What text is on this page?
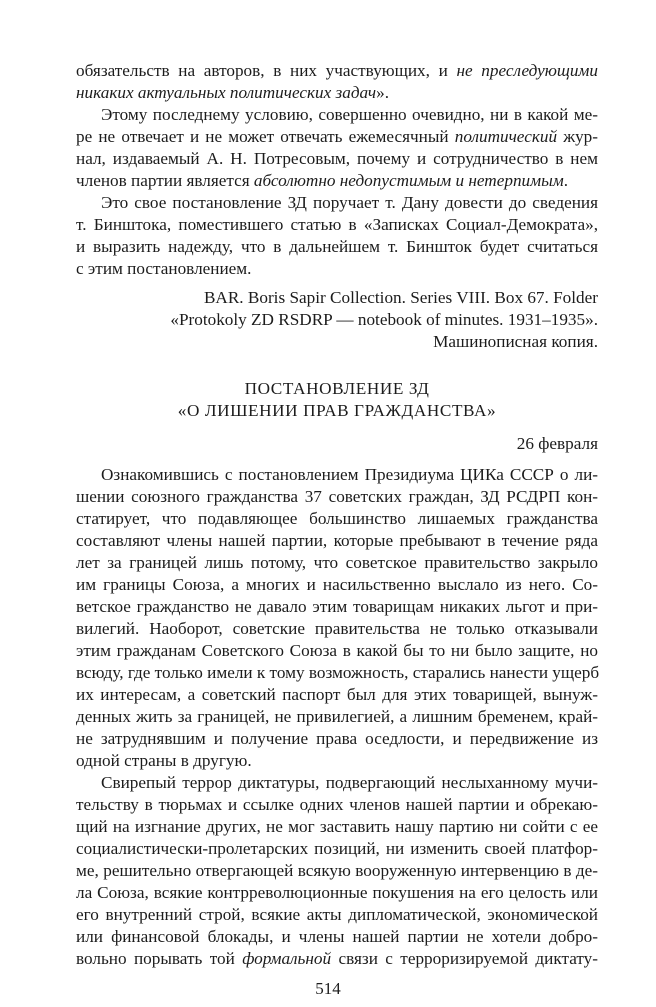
обязательств на авторов, в них участвующих, и не преследующими
никаких актуальных политических задач».
Этому последнему условию, совершенно очевидно, ни в какой ме-
ре не отвечает и не может отвечать ежемесячный политический жур-
нал, издаваемый А. Н. Потресовым, почему и сотрудничество в нем
членов партии является абсолютно недопустимым и нетерпимым.
Это свое постановление ЗД поручает т. Дану довести до сведения
т. Бинштока, поместившего статью в «Записках Социал-Демократа»,
и выразить надежду, что в дальнейшем т. Биншток будет считаться
с этим постановлением.
BAR. Boris Sapir Collection. Series VIII. Box 67. Folder
«Protokoly ZD RSDRP — notebook of minutes. 1931–1935».
Машинописная копия.
ПОСТАНОВЛЕНИЕ ЗД
«О ЛИШЕНИИ ПРАВ ГРАЖДАНСТВА»
26 февраля
Ознакомившись с постановлением Президиума ЦИКа СССР о ли-
шении союзного гражданства 37 советских граждан, ЗД РСДРП кон-
статирует, что подавляющее большинство лишаемых гражданства
составляют члены нашей партии, которые пребывают в течение ряда
лет за границей лишь потому, что советское правительство закрыло
им границы Союза, а многих и насильственно выслало из него. Со-
ветское гражданство не давало этим товарищам никаких льгот и при-
вилегий. Наоборот, советские правительства не только отказывали
этим гражданам Советского Союза в какой бы то ни было защите, но
всюду, где только имели к тому возможность, старались нанести ущерб
их интересам, а советский паспорт был для этих товарищей, вынуж-
денных жить за границей, не привилегией, а лишним бременем, край-
не затруднявшим и получение права оседлости, и передвижение из
одной страны в другую.
Свирепый террор диктатуры, подвергающий неслыханному мучи-
тельству в тюрьмах и ссылке одних членов нашей партии и обрекаю-
щий на изгнание других, не мог заставить нашу партию ни сойти с ее
социалистически-пролетарских позиций, ни изменить своей платфор-
ме, решительно отвергающей всякую вооруженную интервенцию в де-
ла Союза, всякие контрреволюционные покушения на его целость или
его внутренний строй, всякие акты дипломатической, экономической
или финансовой блокады, и члены нашей партии не хотели добро-
вольно порывать той формальной связи с терроризируемой диктату-
514
